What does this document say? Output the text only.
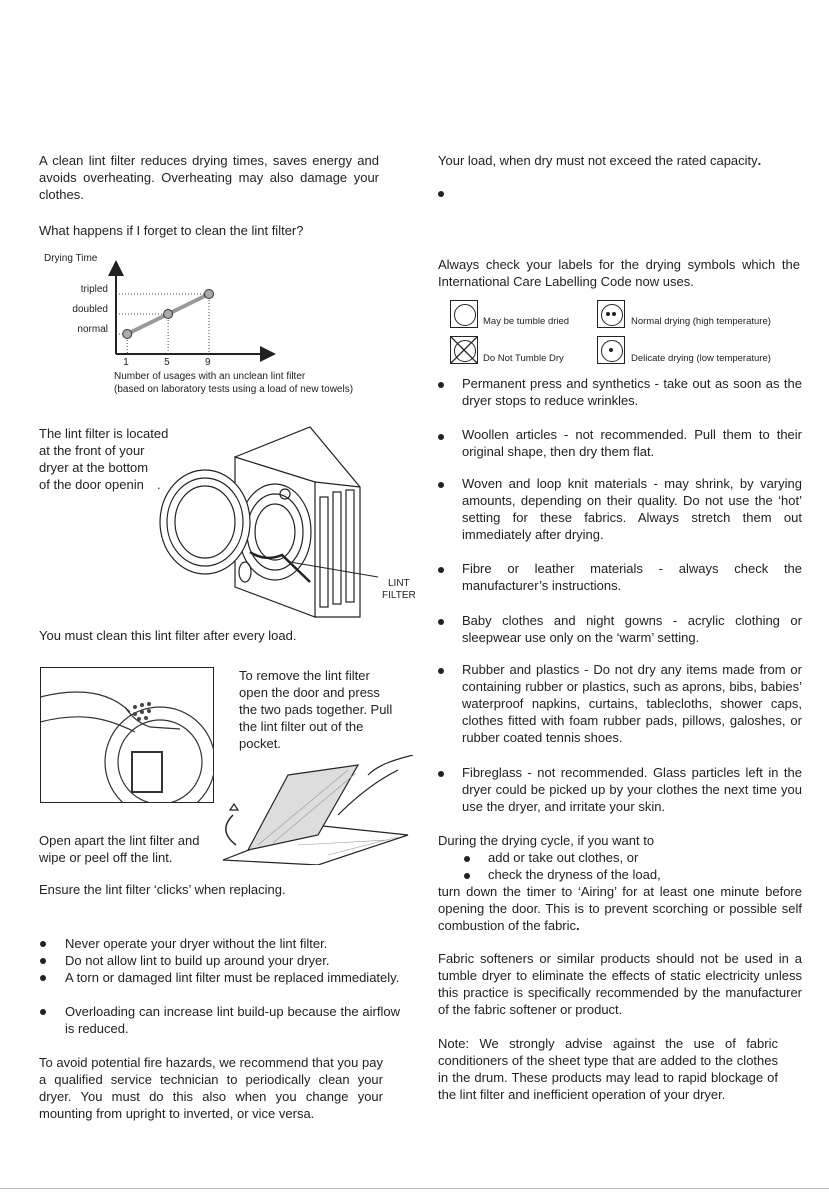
A clean lint filter reduces drying times, saves energy and avoids overheating. Overheating may also damage your clothes.

What happens if I forget to clean the lint filter?

Drying Time
tripled
doubled
normal
1	5	9
Number of usages with an unclean lint filter
(based on laboratory tests using a load of new towels)
The lint filter is located
at the front of your
dryer at the bottom
of the door openin .
LINT
FILTER

You must clean this lint filter after every load.

To remove the lint filter open the door and press the two pads together. Pull the lint filter out of the pocket.

Open apart the lint filter and
wipe or peel off the lint.

Ensure the lint filter ‘clicks’ when replacing.

Never operate your dryer without the lint filter.

Do not allow lint to build up around your dryer.

A torn or damaged lint filter must be replaced immediately.

Overloading can increase lint build-up because the airflow is reduced.

To avoid potential fire hazards, we recommend that you pay a qualified service technician to periodically clean your dryer. You must do this also when you change your mounting from upright to inverted, or vice versa.

Your load, when dry must not exceed the rated capacity.

Always check your labels for the drying symbols which the International Care Labelling Code now uses.

May be tumble dried	Normal drying (high temperature)
Do Not Tumble Dry	Delicate drying (low temperature)

Permanent press and synthetics - take out as soon as the dryer stops to reduce wrinkles.

Woollen articles - not recommended. Pull them to their original shape, then dry them flat.

Woven and loop knit materials - may shrink, by varying amounts, depending on their quality. Do not use the ‘hot’ setting for these fabrics. Always stretch them out immediately after drying.

Fibre or leather materials - always check the manufacturer’s instructions.

Baby clothes and night gowns - acrylic clothing or sleepwear use only on the ‘warm’ setting.

Rubber and plastics - Do not dry any items made from or containing rubber or plastics, such as aprons, bibs, babies’ waterproof napkins, curtains, tablecloths, shower caps, clothes fitted with foam rubber pads, pillows, galoshes, or rubber coated tennis shoes.

Fibreglass - not recommended. Glass particles left in the dryer could be picked up by your clothes the next time you use the dryer, and irritate your skin.

During the drying cycle, if you want to

add or take out clothes, or
check the dryness of the load,

turn down the timer to ‘Airing’ for at least one minute before opening the door. This is to prevent scorching or possible self combustion of the fabric.

Fabric softeners or similar products should not be used in a tumble dryer to eliminate the effects of static electricity unless this practice is specifically recommended by the manufacturer of the fabric softener or product.

Note: We strongly advise against the use of fabric conditioners of the sheet type that are added to the clothes in the drum. These products may lead to rapid blockage of the lint filter and inefficient operation of your dryer.
